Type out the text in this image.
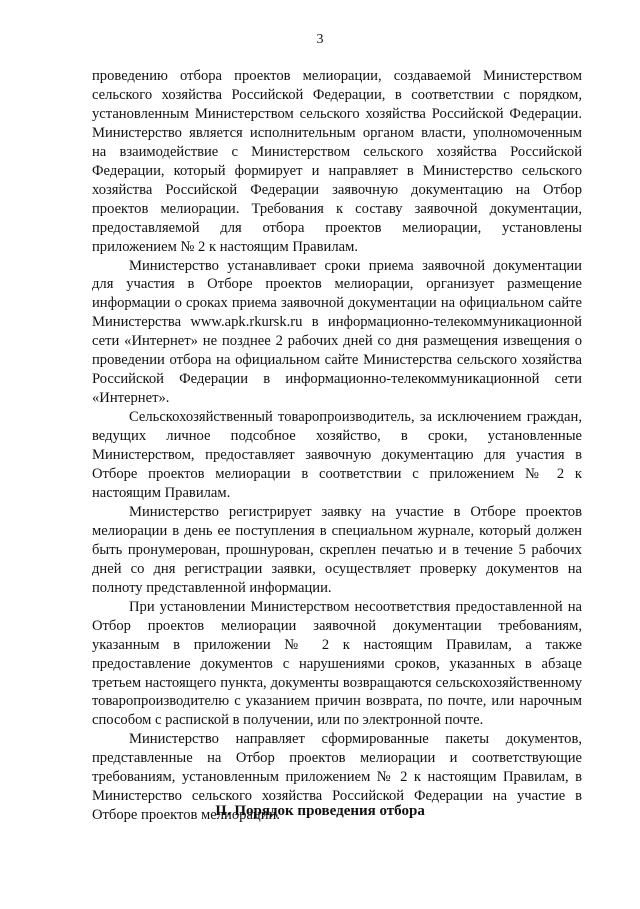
3

проведению отбора проектов мелиорации, создаваемой Министерством сельского хозяйства Российской Федерации, в соответствии с порядком, установленным Министерством сельского хозяйства Российской Федерации. Министерство является исполнительным органом власти, уполномоченным на взаимодействие с Министерством сельского хозяйства Российской Федерации, который формирует и направляет в Министерство сельского хозяйства Российской Федерации заявочную документацию на Отбор проектов мелиорации. Требования к составу заявочной документации, предоставляемой для отбора проектов мелиорации, установлены приложением № 2 к настоящим Правилам.

Министерство устанавливает сроки приема заявочной документации для участия в Отборе проектов мелиорации, организует размещение информации о сроках приема заявочной документации на официальном сайте Министерства www.apk.rkursk.ru в информационно-телекоммуникационной сети «Интернет» не позднее 2 рабочих дней со дня размещения извещения о проведении отбора на официальном сайте Министерства сельского хозяйства Российской Федерации в информационно-телекоммуникационной сети «Интернет».

Сельскохозяйственный товаропроизводитель, за исключением граждан, ведущих личное подсобное хозяйство, в сроки, установленные Министерством, предоставляет заявочную документацию для участия в Отборе проектов мелиорации в соответствии с приложением № 2 к настоящим Правилам.

Министерство регистрирует заявку на участие в Отборе проектов мелиорации в день ее поступления в специальном журнале, который должен быть пронумерован, прошнурован, скреплен печатью и в течение 5 рабочих дней со дня регистрации заявки, осуществляет проверку документов на полноту представленной информации.

При установлении Министерством несоответствия предоставленной на Отбор проектов мелиорации заявочной документации требованиям, указанным в приложении № 2 к настоящим Правилам, а также предоставление документов с нарушениями сроков, указанных в абзаце третьем настоящего пункта, документы возвращаются сельскохозяйственному товаропроизводителю с указанием причин возврата, по почте, или нарочным способом с распиской в получении, или по электронной почте.

Министерство направляет сформированные пакеты документов, представленные на Отбор проектов мелиорации и соответствующие требованиям, установленным приложением № 2 к настоящим Правилам, в Министерство сельского хозяйства Российской Федерации на участие в Отборе проектов мелиорации.

II. Порядок проведения отбора
